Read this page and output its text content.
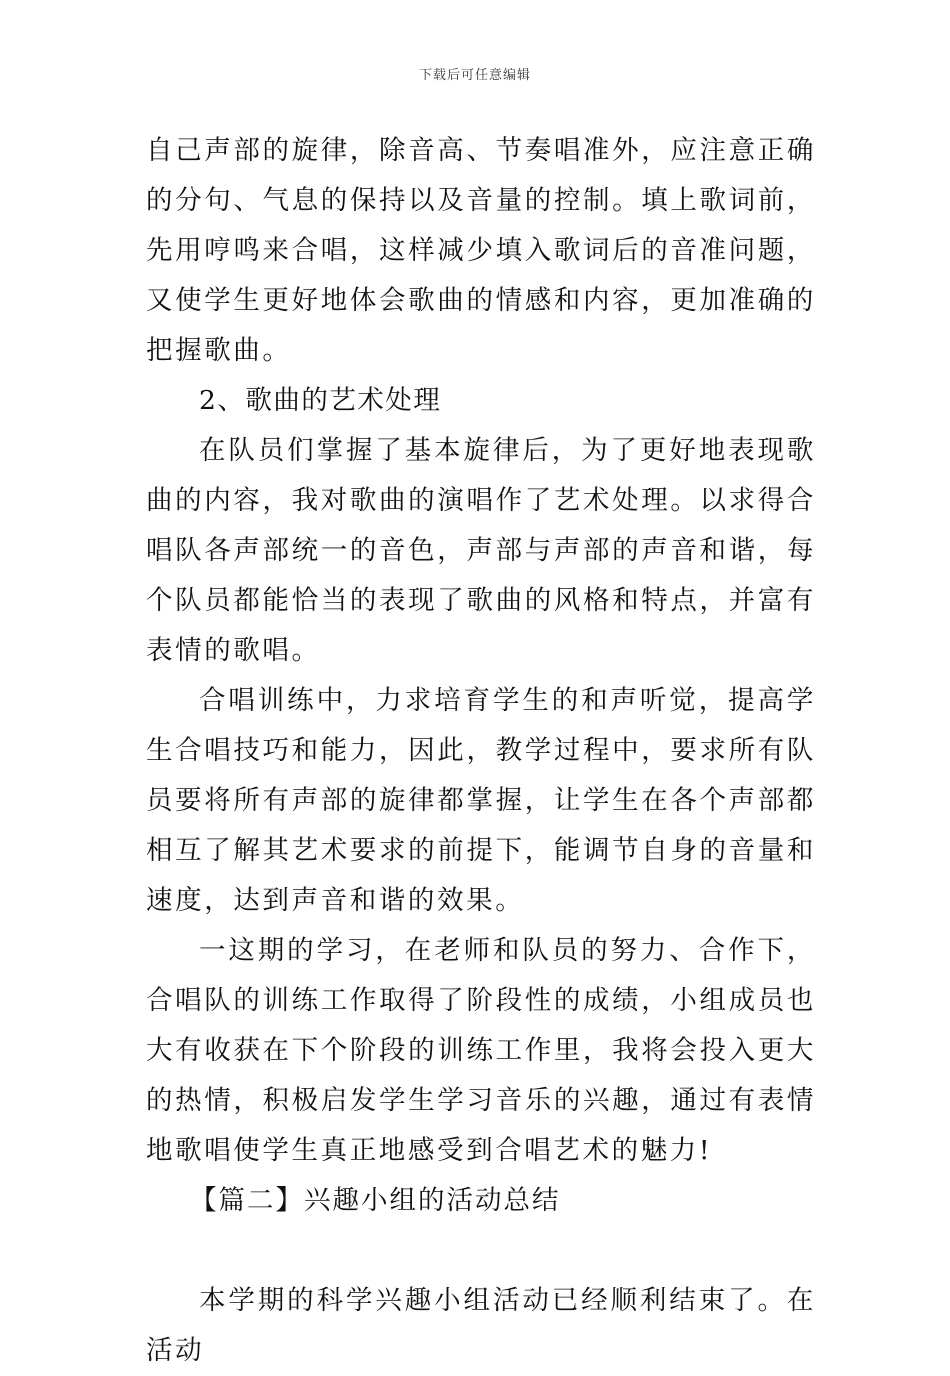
下载后可任意编辑

自己声部的旋律，除音高、节奏唱准外，应注意正确的分句、气息的保持以及音量的控制。填上歌词前，先用哼鸣来合唱，这样减少填入歌词后的音准问题，又使学生更好地体会歌曲的情感和内容，更加准确的把握歌曲。

2、歌曲的艺术处理

在队员们掌握了基本旋律后，为了更好地表现歌曲的内容，我对歌曲的演唱作了艺术处理。以求得合唱队各声部统一的音色，声部与声部的声音和谐，每个队员都能恰当的表现了歌曲的风格和特点，并富有表情的歌唱。

合唱训练中，力求培育学生的和声听觉，提高学生合唱技巧和能力，因此，教学过程中，要求所有队员要将所有声部的旋律都掌握，让学生在各个声部都相互了解其艺术要求的前提下，能调节自身的音量和速度，达到声音和谐的效果。

一这期的学习，在老师和队员的努力、合作下，合唱队的训练工作取得了阶段性的成绩，小组成员也大有收获在下个阶段的训练工作里，我将会投入更大的热情，积极启发学生学习音乐的兴趣，通过有表情地歌唱使学生真正地感受到合唱艺术的魅力!

【篇二】兴趣小组的活动总结

本学期的科学兴趣小组活动已经顺利结束了。在活动
